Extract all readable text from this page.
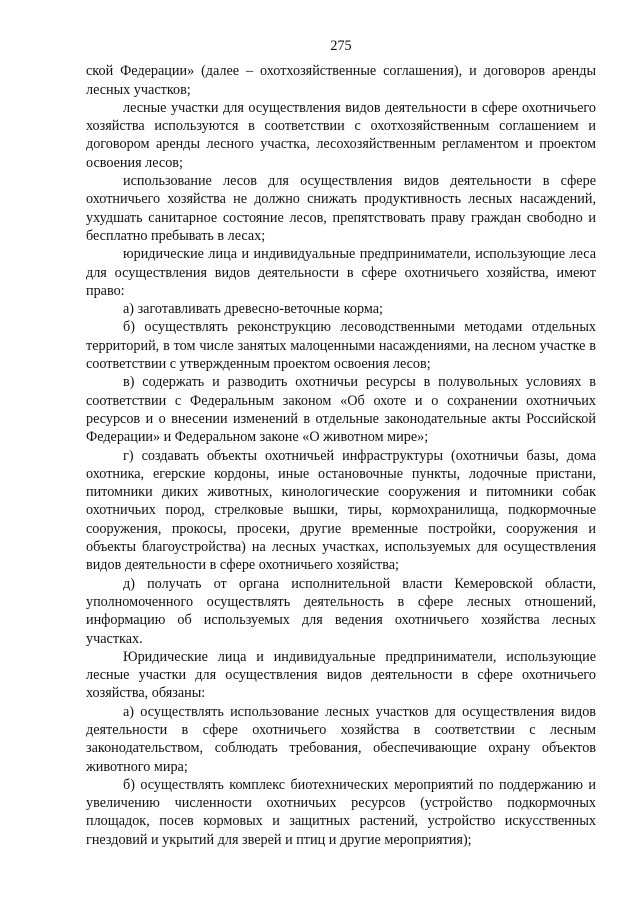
275

ской Федерации» (далее – охотхозяйственные соглашения), и договоров аренды лесных участков;

лесные участки для осуществления видов деятельности в сфере охотничьего хозяйства используются в соответствии с охотхозяйственным соглашением и договором аренды лесного участка, лесохозяйственным регламентом и проектом освоения лесов;

использование лесов для осуществления видов деятельности в сфере охотничьего хозяйства не должно снижать продуктивность лесных насаждений, ухудшать санитарное состояние лесов, препятствовать праву граждан свободно и бесплатно пребывать в лесах;

юридические лица и индивидуальные предприниматели, использующие леса для осуществления видов деятельности в сфере охотничьего хозяйства, имеют право:

а) заготавливать древесно-веточные корма;

б) осуществлять реконструкцию лесоводственными методами отдельных территорий, в том числе занятых малоценными насаждениями, на лесном участке в соответствии с утвержденным проектом освоения лесов;

в) содержать и разводить охотничьи ресурсы в полувольных условиях в соответствии с Федеральным законом «Об охоте и о сохранении охотничьих ресурсов и о внесении изменений в отдельные законодательные акты Российской Федерации» и Федеральном законе «О животном мире»;

г) создавать объекты охотничьей инфраструктуры (охотничьи базы, дома охотника, егерские кордоны, иные остановочные пункты, лодочные пристани, питомники диких животных, кинологические сооружения и питомники собак охотничьих пород, стрелковые вышки, тиры, кормохранилища, подкормочные сооружения, прокосы, просеки, другие временные постройки, сооружения и объекты благоустройства) на лесных участках, используемых для осуществления видов деятельности в сфере охотничьего хозяйства;

д) получать от органа исполнительной власти Кемеровской области, уполномоченного осуществлять деятельность в сфере лесных отношений, информацию об используемых для ведения охотничьего хозяйства лесных участках.

Юридические лица и индивидуальные предприниматели, использующие лесные участки для осуществления видов деятельности в сфере охотничьего хозяйства, обязаны:

а) осуществлять использование лесных участков для осуществления видов деятельности в сфере охотничьего хозяйства в соответствии с лесным законодательством, соблюдать требования, обеспечивающие охрану объектов животного мира;

б) осуществлять комплекс биотехнических мероприятий по поддержанию и увеличению численности охотничьих ресурсов (устройство подкормочных площадок, посев кормовых и защитных растений, устройство искусственных гнездовий и укрытий для зверей и птиц и другие мероприятия);
